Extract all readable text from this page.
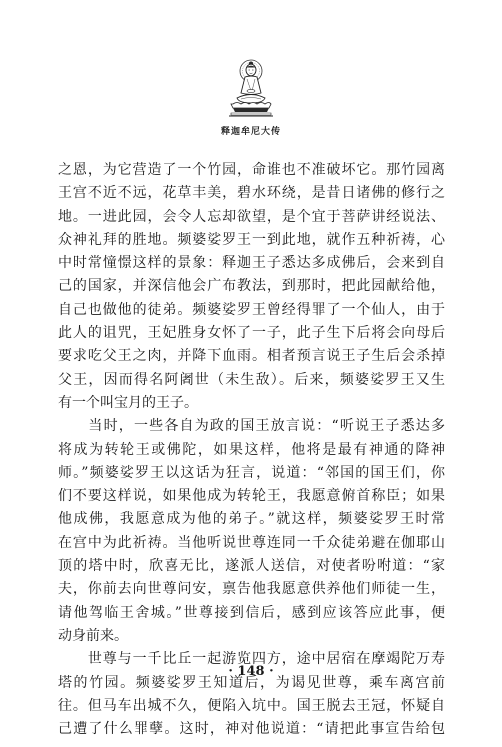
释迦牟尼大传
之恩，为它营造了一个竹园，命谁也不准破坏它。那竹园离
王宫不近不远，花草丰美，碧水环绕，是昔日诸佛的修行之
地。一进此园，会令人忘却欲望，是个宜于菩萨讲经说法、
众神礼拜的胜地。频婆娑罗王一到此地，就作五种祈祷，心
中时常憧憬这样的景象：释迦王子悉达多成佛后，会来到自
己的国家，并深信他会广布教法，到那时，把此园献给他，
自己也做他的徒弟。频婆娑罗王曾经得罪了一个仙人，由于
此人的诅咒，王妃胜身女怀了一子，此子生下后将会向母后
要求吃父王之肉，并降下血雨。相者预言说王子生后会杀掉
父王，因而得名阿阇世（未生敌）。后来，频婆娑罗王又生
有一个叫宝月的王子。
　　当时，一些各自为政的国王放言说：“听说王子悉达多
将成为转轮王或佛陀，如果这样，他将是最有神通的降神
师。”频婆娑罗王以这话为狂言，说道：“邻国的国王们，你
们不要这样说，如果他成为转轮王，我愿意俯首称臣；如果
他成佛，我愿意成为他的弟子。”就这样，频婆娑罗王时常
在宫中为此祈祷。当他听说世尊连同一千众徒弟避在伽耶山
顶的塔中时，欣喜无比，遂派人送信，对使者吩咐道：“家
夫，你前去向世尊问安，禀告他我愿意供养他们师徒一生，
请他驾临王舍城。”世尊接到信后，感到应该答应此事，便
动身前来。
　　世尊与一千比丘一起游览四方，途中居宿在摩竭陀万寿
塔的竹园。频婆娑罗王知道后，为谒见世尊，乘车离宫前
往。但马车出城不久，便陷入坑中。国王脱去王冠，怀疑自
己遭了什么罪孽。这时，神对他说道：“请把此事宣告给包
· 148 ·
